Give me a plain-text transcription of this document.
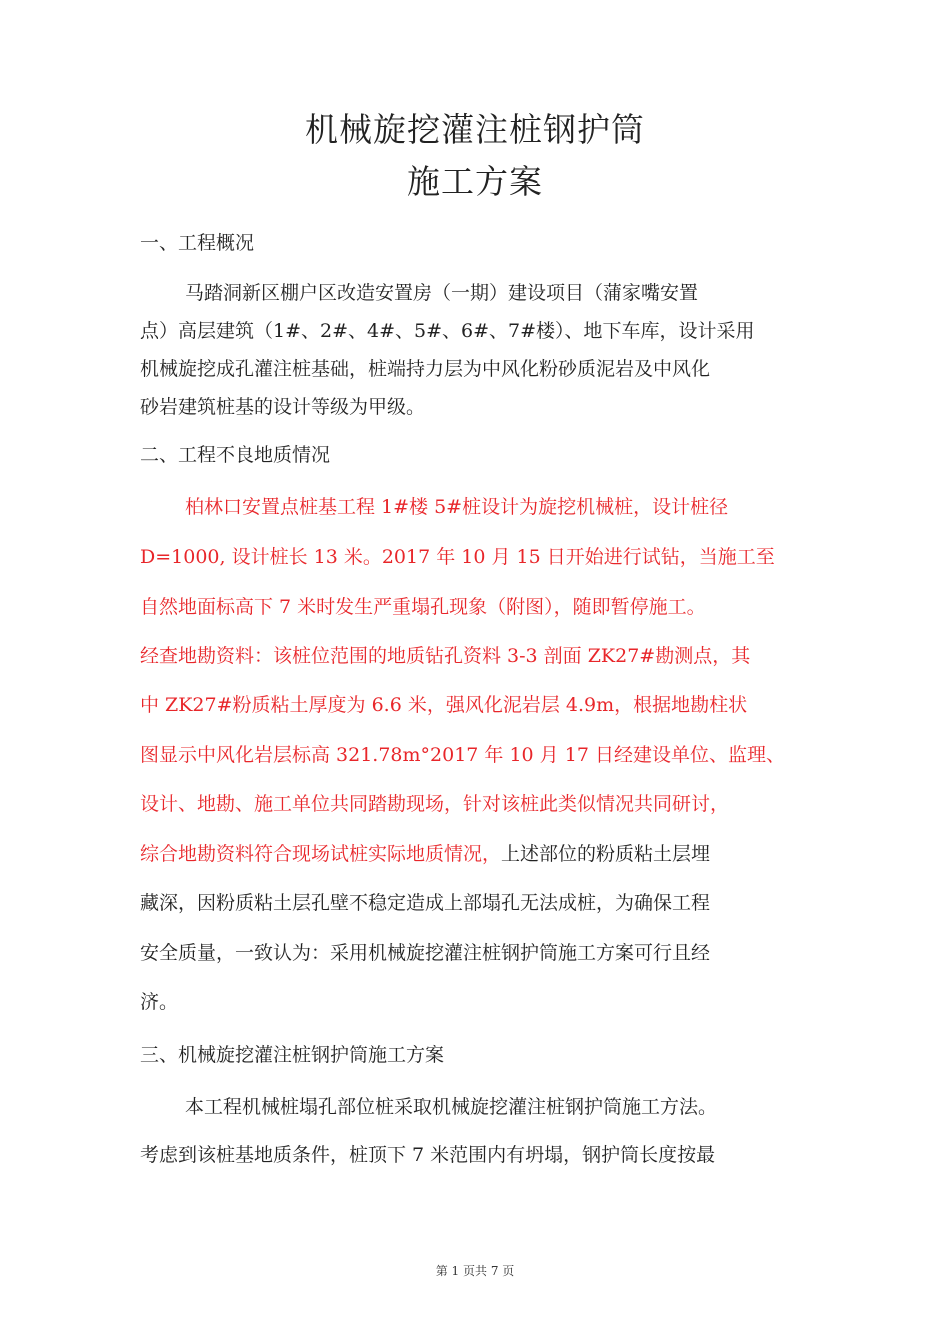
机械旋挖灌注桩钢护筒
施工方案
一、工程概况
马踏洞新区棚户区改造安置房（一期）建设项目（蒲家嘴安置
点）高层建筑（1#、2#、4#、5#、6#、7#楼）、地下车库，设计采用
机械旋挖成孔灌注桩基础，桩端持力层为中风化粉砂质泥岩及中风化
砂岩建筑桩基的设计等级为甲级。
二、工程不良地质情况
柏林口安置点桩基工程 1#楼 5#桩设计为旋挖机械桩，设计桩径
D=1000, 设计桩长 13 米。2017 年 10 月 15 日开始进行试钻，当施工至
自然地面标高下 7 米时发生严重塌孔现象（附图），随即暂停施工。
经查地勘资料：该桩位范围的地质钻孔资料 3-3 剖面 ZK27#勘测点，其
中 ZK27#粉质粘土厚度为 6.6 米，强风化泥岩层 4.9m，根据地勘柱状
图显示中风化岩层标高 321.78m°2017 年 10 月 17 日经建设单位、监理、
设计、地勘、施工单位共同踏勘现场，针对该桩此类似情况共同研讨，
综合地勘资料符合现场试桩实际地质情况，上述部位的粉质粘土层埋
藏深，因粉质粘土层孔壁不稳定造成上部塌孔无法成桩，为确保工程
安全质量，一致认为：采用机械旋挖灌注桩钢护筒施工方案可行且经
济。
三、机械旋挖灌注桩钢护筒施工方案
本工程机械桩塌孔部位桩采取机械旋挖灌注桩钢护筒施工方法。
考虑到该桩基地质条件，桩顶下 7 米范围内有坍塌，钢护筒长度按最
第 1 页共 7 页
